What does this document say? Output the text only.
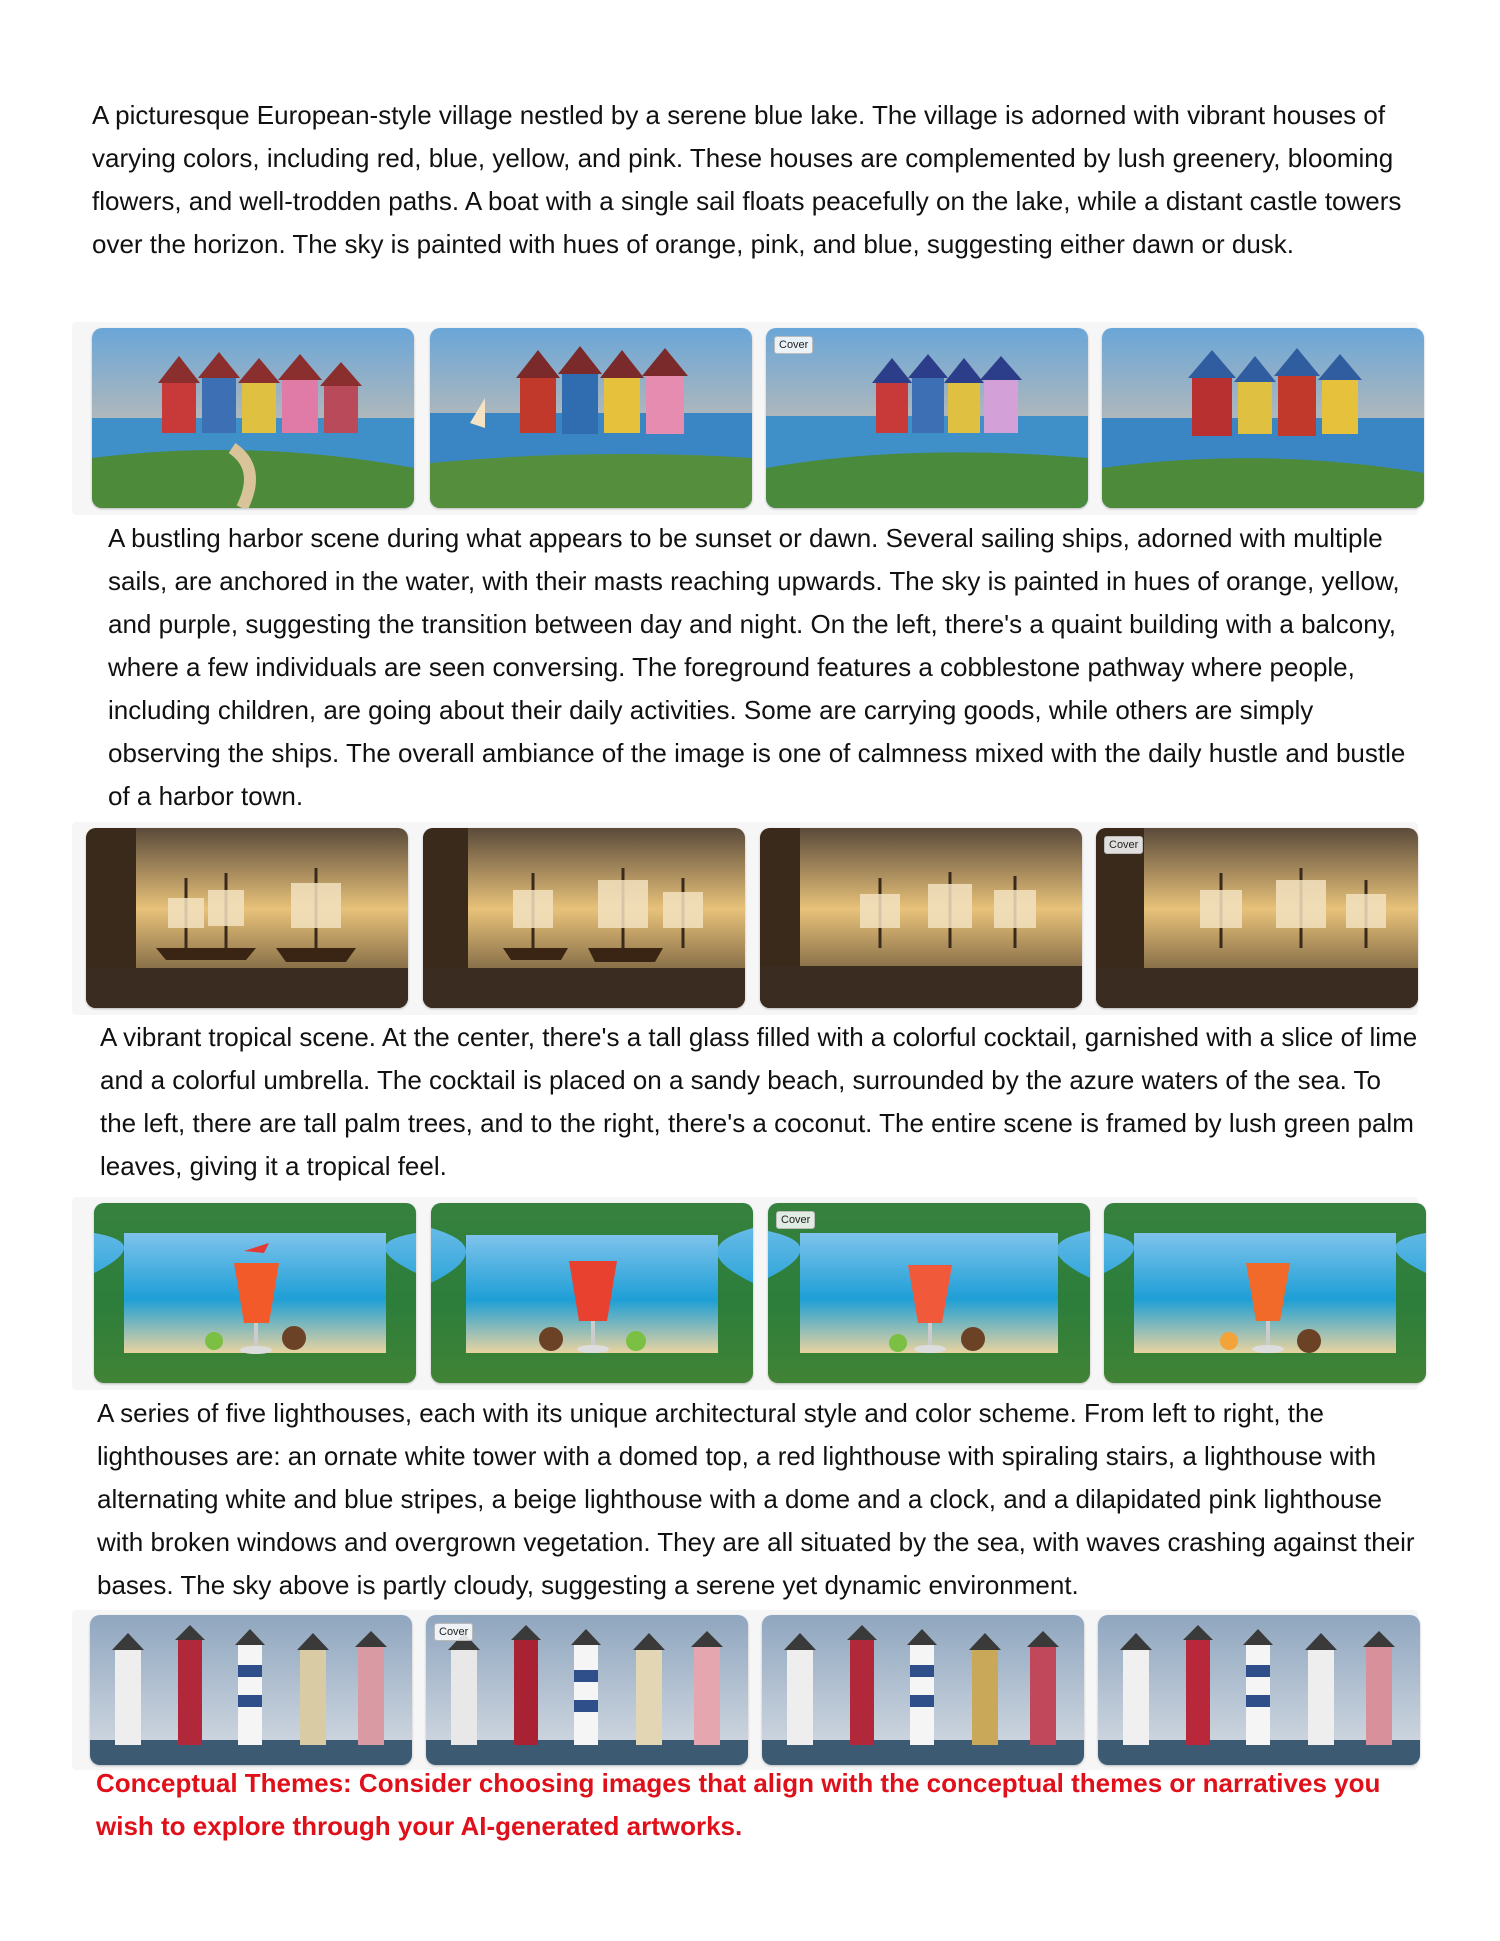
A picturesque European-style village nestled by a serene blue lake. The village is adorned with vibrant houses of varying colors, including red, blue, yellow, and pink. These houses are complemented by lush greenery, blooming flowers, and well-trodden paths. A boat with a single sail floats peacefully on the lake, while a distant castle towers over the horizon. The sky is painted with hues of orange, pink, and blue, suggesting either dawn or dusk.

Cover

A bustling harbor scene during what appears to be sunset or dawn. Several sailing ships, adorned with multiple sails, are anchored in the water, with their masts reaching upwards. The sky is painted in hues of orange, yellow, and purple, suggesting the transition between day and night. On the left, there's a quaint building with a balcony, where a few individuals are seen conversing. The foreground features a cobblestone pathway where people, including children, are going about their daily activities. Some are carrying goods, while others are simply observing the ships. The overall ambiance of the image is one of calmness mixed with the daily hustle and bustle of a harbor town.

Cover

A vibrant tropical scene. At the center, there's a tall glass filled with a colorful cocktail, garnished with a slice of lime and a colorful umbrella. The cocktail is placed on a sandy beach, surrounded by the azure waters of the sea. To the left, there are tall palm trees, and to the right, there's a coconut. The entire scene is framed by lush green palm leaves, giving it a tropical feel.

Cover

A series of five lighthouses, each with its unique architectural style and color scheme. From left to right, the lighthouses are: an ornate white tower with a domed top, a red lighthouse with spiraling stairs, a lighthouse with alternating white and blue stripes, a beige lighthouse with a dome and a clock, and a dilapidated pink lighthouse with broken windows and overgrown vegetation. They are all situated by the sea, with waves crashing against their bases. The sky above is partly cloudy, suggesting a serene yet dynamic environment.

Cover

Conceptual Themes: Consider choosing images that align with the conceptual themes or narratives you wish to explore through your AI-generated artworks.
